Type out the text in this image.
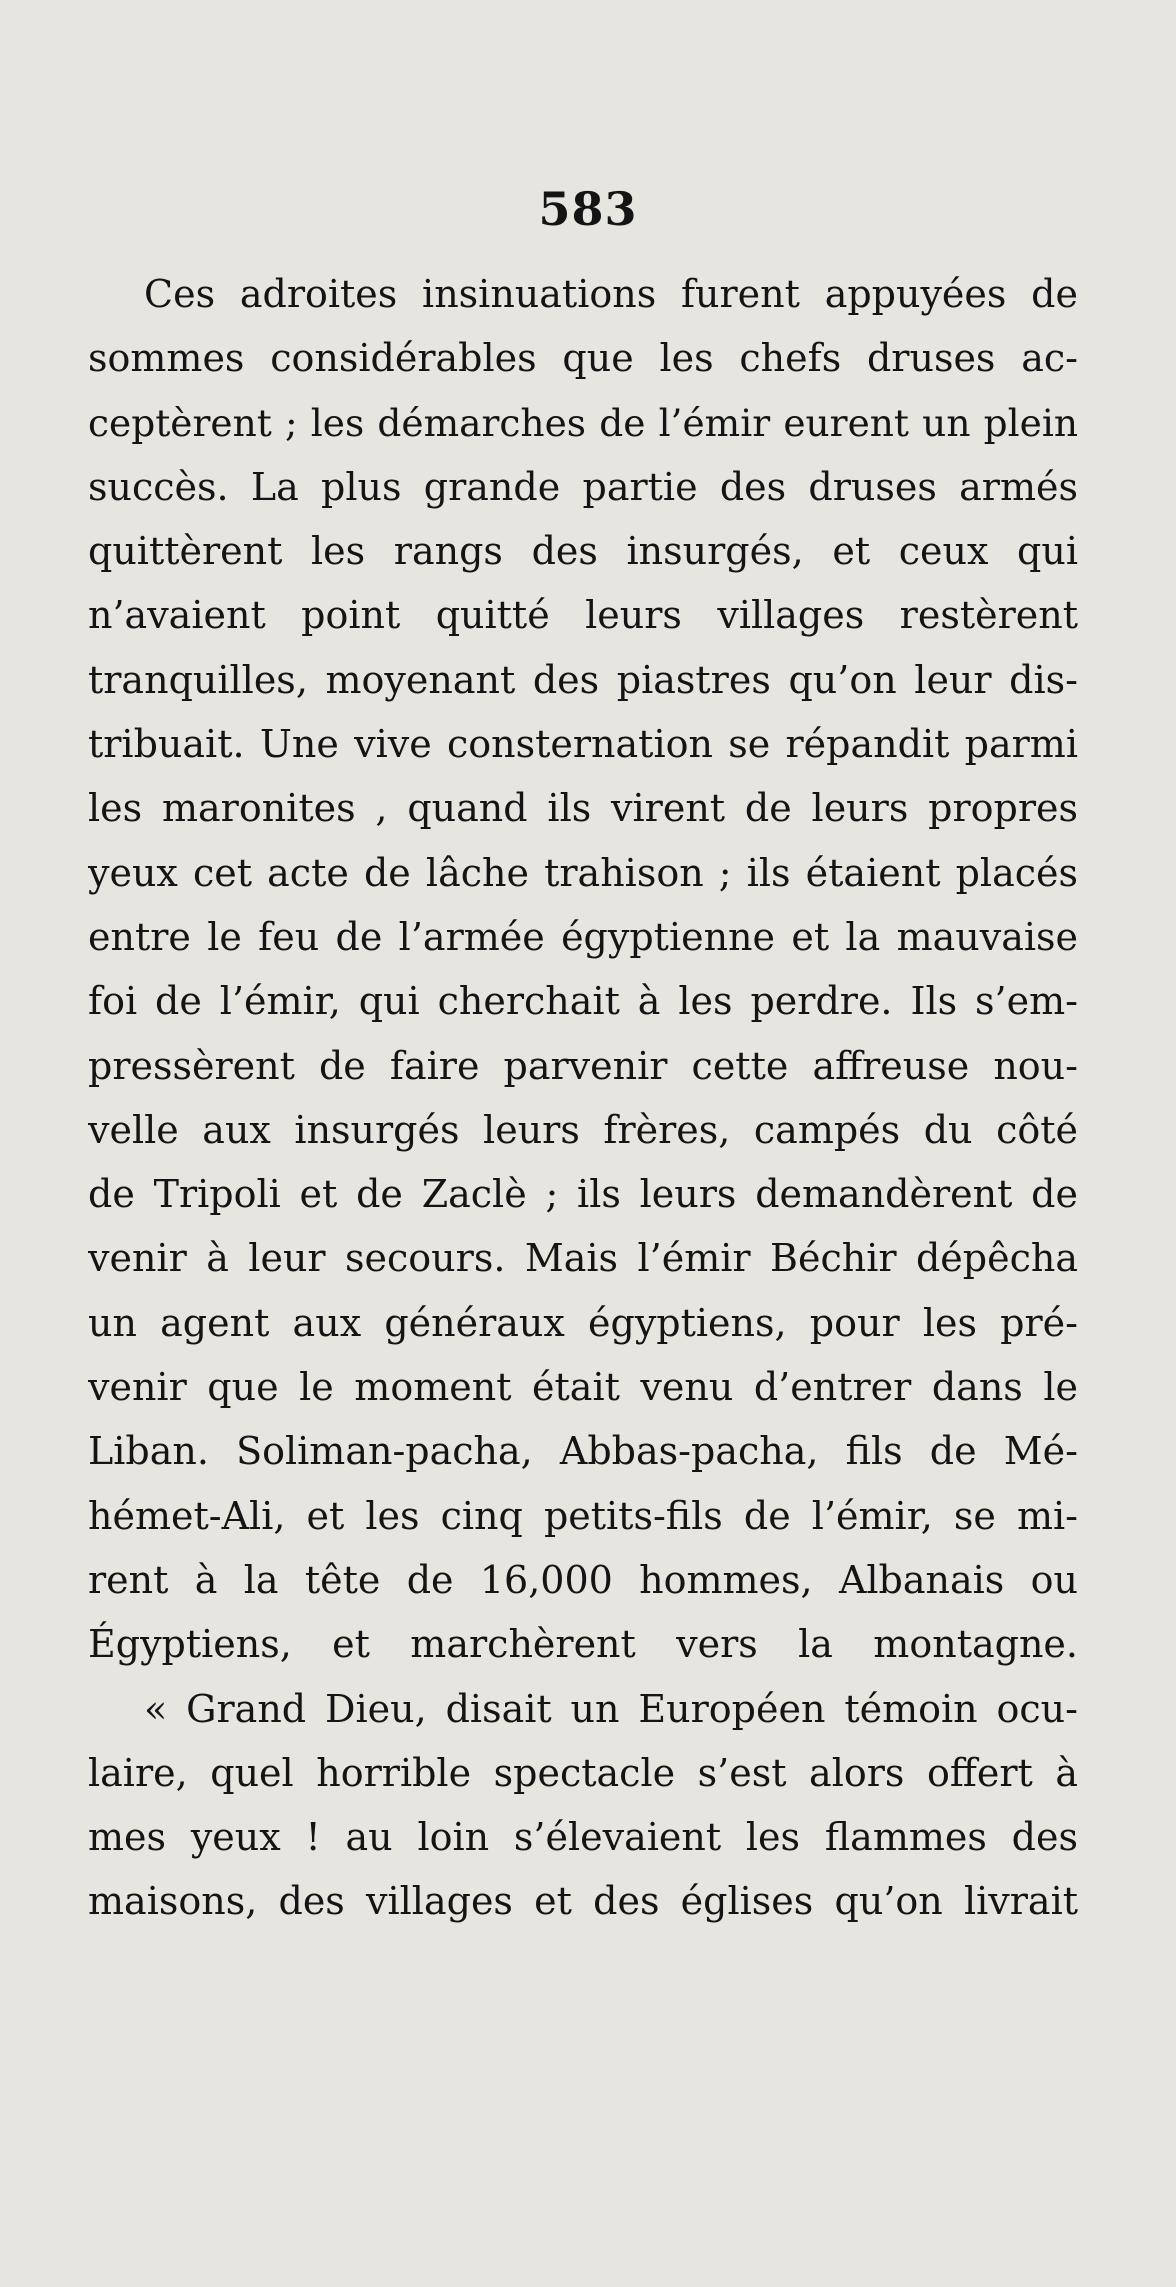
583
Ces adroites insinuations furent appuyées de
sommes considérables que les chefs druses ac-
ceptèrent ; les démarches de l’émir eurent un plein
succès. La plus grande partie des druses armés
quittèrent les rangs des insurgés, et ceux qui
n’avaient point quitté leurs villages restèrent
tranquilles, moyenant des piastres qu’on leur dis-
tribuait. Une vive consternation se répandit parmi
les maronites , quand ils virent de leurs propres
yeux cet acte de lâche trahison ; ils étaient placés
entre le feu de l’armée égyptienne et la mauvaise
foi de l’émir, qui cherchait à les perdre. Ils s’em-
pressèrent de faire parvenir cette affreuse nou-
velle aux insurgés leurs frères, campés du côté
de Tripoli et de Zaclè ; ils leurs demandèrent de
venir à leur secours. Mais l’émir Béchir dépêcha
un agent aux généraux égyptiens, pour les pré-
venir que le moment était venu d’entrer dans le
Liban. Soliman-pacha, Abbas-pacha, fils de Mé-
hémet-Ali, et les cinq petits-fils de l’émir, se mi-
rent à la tête de 16,000 hommes, Albanais ou
Égyptiens, et marchèrent vers la montagne.
« Grand Dieu, disait un Européen témoin ocu-
laire, quel horrible spectacle s’est alors offert à
mes yeux ! au loin s’élevaient les flammes des
maisons, des villages et des églises qu’on livrait
